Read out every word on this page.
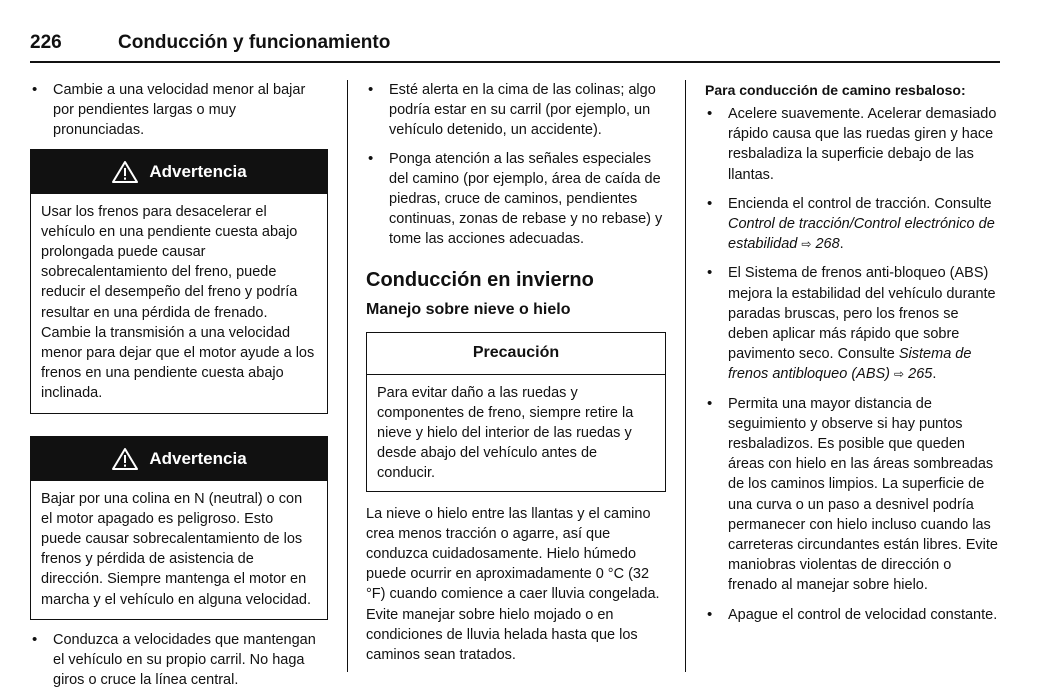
226	Conducción y funcionamiento
• Cambie a una velocidad menor al bajar por pendientes largas o muy pronunciadas.
Advertencia
Usar los frenos para desacelerar el vehículo en una pendiente cuesta abajo prolongada puede causar sobrecalentamiento del freno, puede reducir el desempeño del freno y podría resultar en una pérdida de frenado. Cambie la transmisión a una velocidad menor para dejar que el motor ayude a los frenos en una pendiente cuesta abajo inclinada.
Advertencia
Bajar por una colina en N (neutral) o con el motor apagado es peligroso. Esto puede causar sobrecalentamiento de los frenos y pérdida de asistencia de dirección. Siempre mantenga el motor en marcha y el vehículo en alguna velocidad.
• Conduzca a velocidades que mantengan el vehículo en su propio carril. No haga giros o cruce la línea central.
• Esté alerta en la cima de las colinas; algo podría estar en su carril (por ejemplo, un vehículo detenido, un accidente).
• Ponga atención a las señales especiales del camino (por ejemplo, área de caída de piedras, cruce de caminos, pendientes continuas, zonas de rebase y no rebase) y tome las acciones adecuadas.
Conducción en invierno
Manejo sobre nieve o hielo
Precaución
Para evitar daño a las ruedas y componentes de freno, siempre retire la nieve y hielo del interior de las ruedas y desde abajo del vehículo antes de conducir.

La nieve o hielo entre las llantas y el camino crea menos tracción o agarre, así que conduzca cuidadosamente. Hielo húmedo puede ocurrir en aproximadamente 0 °C (32 °F) cuando comience a caer lluvia congelada. Evite manejar sobre hielo mojado o en condiciones de lluvia helada hasta que los caminos sean tratados.

Para conducción de camino resbaloso:
• Acelere suavemente. Acelerar demasiado rápido causa que las ruedas giren y hace resbaladiza la superficie debajo de las llantas.
• Encienda el control de tracción. Consulte Control de tracción/Control electrónico de estabilidad ⇨ 268.
• El Sistema de frenos anti-bloqueo (ABS) mejora la estabilidad del vehículo durante paradas bruscas, pero los frenos se deben aplicar más rápido que sobre pavimento seco. Consulte Sistema de frenos antibloqueo (ABS) ⇨ 265.
• Permita una mayor distancia de seguimiento y observe si hay puntos resbaladizos. Es posible que queden áreas con hielo en las áreas sombreadas de los caminos limpios. La superficie de una curva o un paso a desnivel podría permanecer con hielo incluso cuando las carreteras circundantes están libres. Evite maniobras violentas de dirección o frenado al manejar sobre hielo.
• Apague el control de velocidad constante.
